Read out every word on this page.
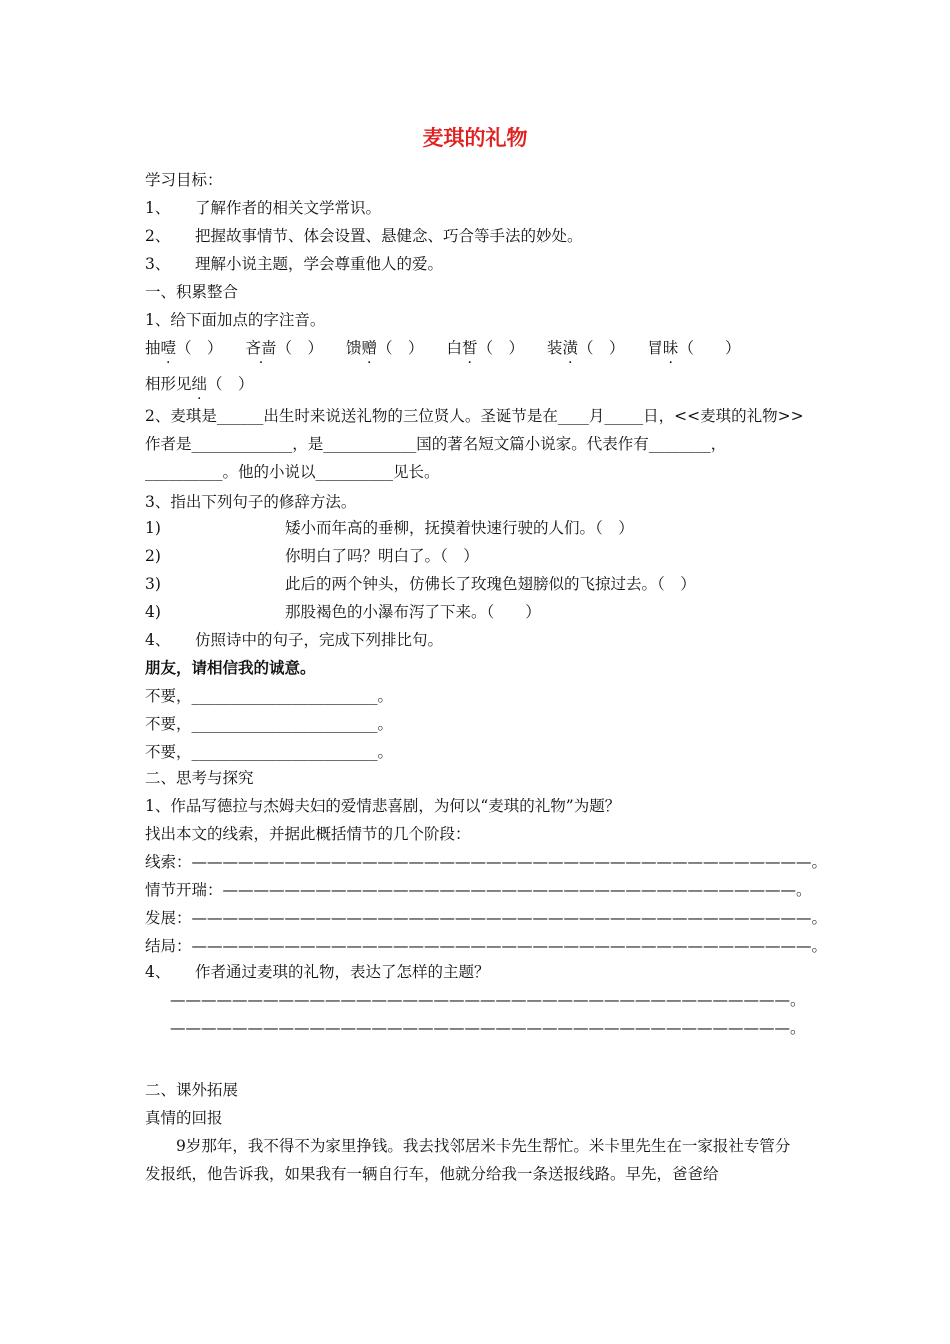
麦琪的礼物
学习目标：
1、 了解作者的相关文学常识。
2、 把握故事情节、体会设置、悬健念、巧合等手法的妙处。
3、 理解小说主题，学会尊重他人的爱。
一、积累整合
1、给下面加点的字注音。
抽噎（　） 吝啬（　） 馈赠（　） 白皙（　） 装潢（　） 冒昧（　　）
相形见绌（　）
2、麦琪是______出生时来说送礼物的三位贤人。圣诞节是在____月_____日，<<麦琪的礼物>>作者是_____________，是____________国的著名短文篇小说家。代表作有________，__________。他的小说以__________见长。
3、指出下列句子的修辞方法。
1)	矮小而年高的垂柳，抚摸着快速行驶的人们。（　）
2)	你明白了吗？明白了。（　）
3)	此后的两个钟头，仿佛长了玫瑰色翅膀似的飞掠过去。（　）
4)	那股褐色的小瀑布泻了下来。（　　）
4、 仿照诗中的句子，完成下列排比句。
朋友，请相信我的诚意。
不要，________________________。
不要，________________________。
不要，________________________。
二、思考与探究
1、作品写德拉与杰姆夫妇的爱情悲喜剧，为何以“麦琪的礼物”为题？
找出本文的线索，并据此概括情节的几个阶段：
线索：————————————————————————————————————————。
情节开瑞：—————————————————————————————————————。
发展：————————————————————————————————————————。
结局：————————————————————————————————————————。
4、 作者通过麦琪的礼物，表达了怎样的主题？
————————————————————————————————————————。
————————————————————————————————————————。
二、课外拓展
真情的回报
9岁那年，我不得不为家里挣钱。我去找邻居米卡先生帮忙。米卡里先生在一家报社专管分发报纸，他告诉我，如果我有一辆自行车，他就分给我一条送报线路。早先，爸爸给
